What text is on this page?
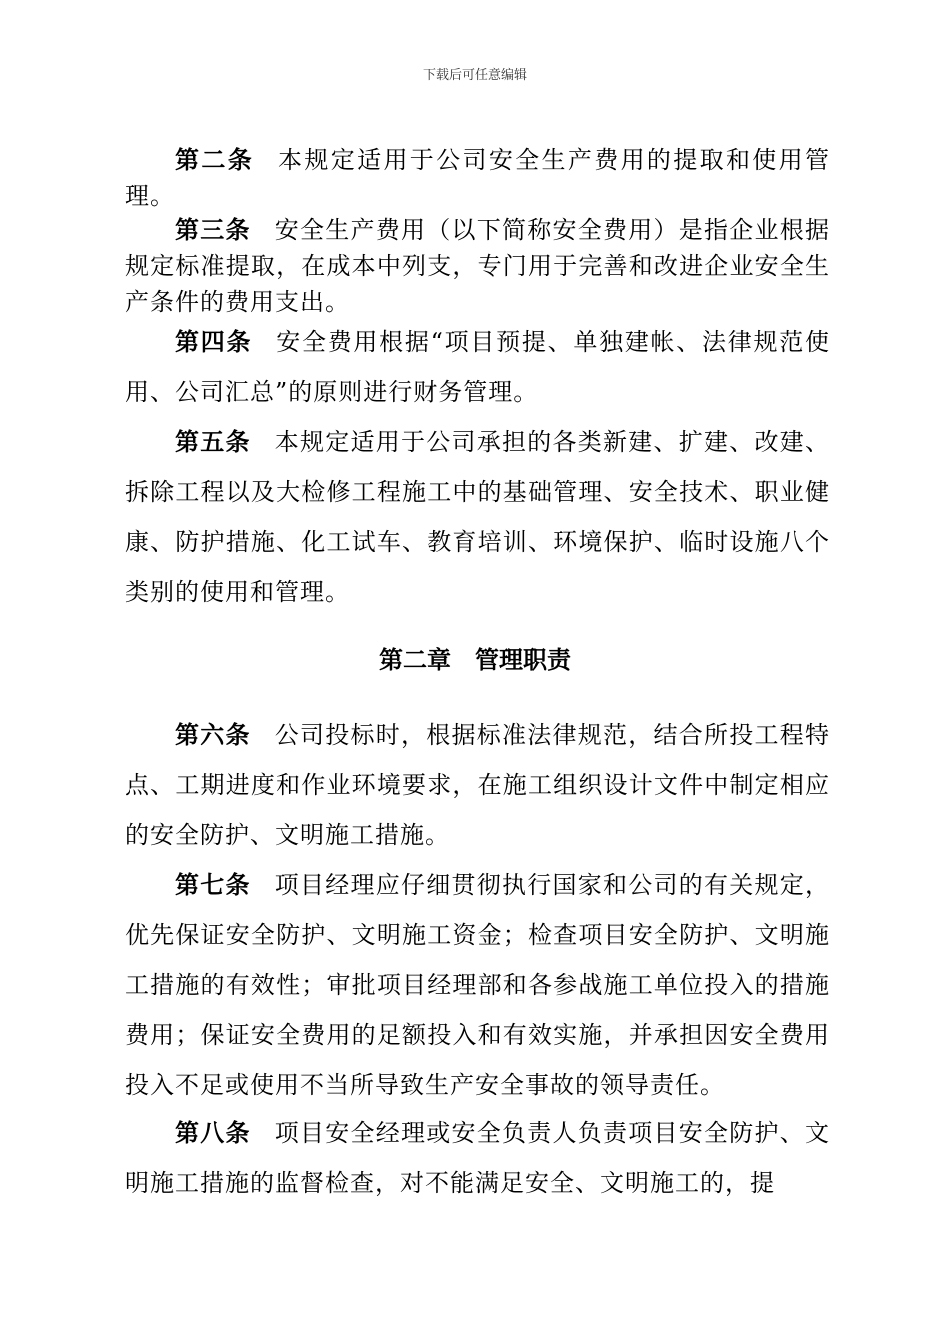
下载后可任意编辑

第二条 本规定适用于公司安全生产费用的提取和使用管理。

第三条 安全生产费用（以下简称安全费用）是指企业根据规定标准提取，在成本中列支，专门用于完善和改进企业安全生产条件的费用支出。

第四条 安全费用根据“项目预提、单独建帐、法律规范使用、公司汇总”的原则进行财务管理。

第五条 本规定适用于公司承担的各类新建、扩建、改建、拆除工程以及大检修工程施工中的基础管理、安全技术、职业健康、防护措施、化工试车、教育培训、环境保护、临时设施八个类别的使用和管理。

第二章 管理职责

第六条 公司投标时，根据标准法律规范，结合所投工程特点、工期进度和作业环境要求，在施工组织设计文件中制定相应的安全防护、文明施工措施。

第七条 项目经理应仔细贯彻执行国家和公司的有关规定，优先保证安全防护、文明施工资金；检查项目安全防护、文明施工措施的有效性；审批项目经理部和各参战施工单位投入的措施费用；保证安全费用的足额投入和有效实施，并承担因安全费用投入不足或使用不当所导致生产安全事故的领导责任。

第八条 项目安全经理或安全负责人负责项目安全防护、文明施工措施的监督检查，对不能满足安全、文明施工的，提
